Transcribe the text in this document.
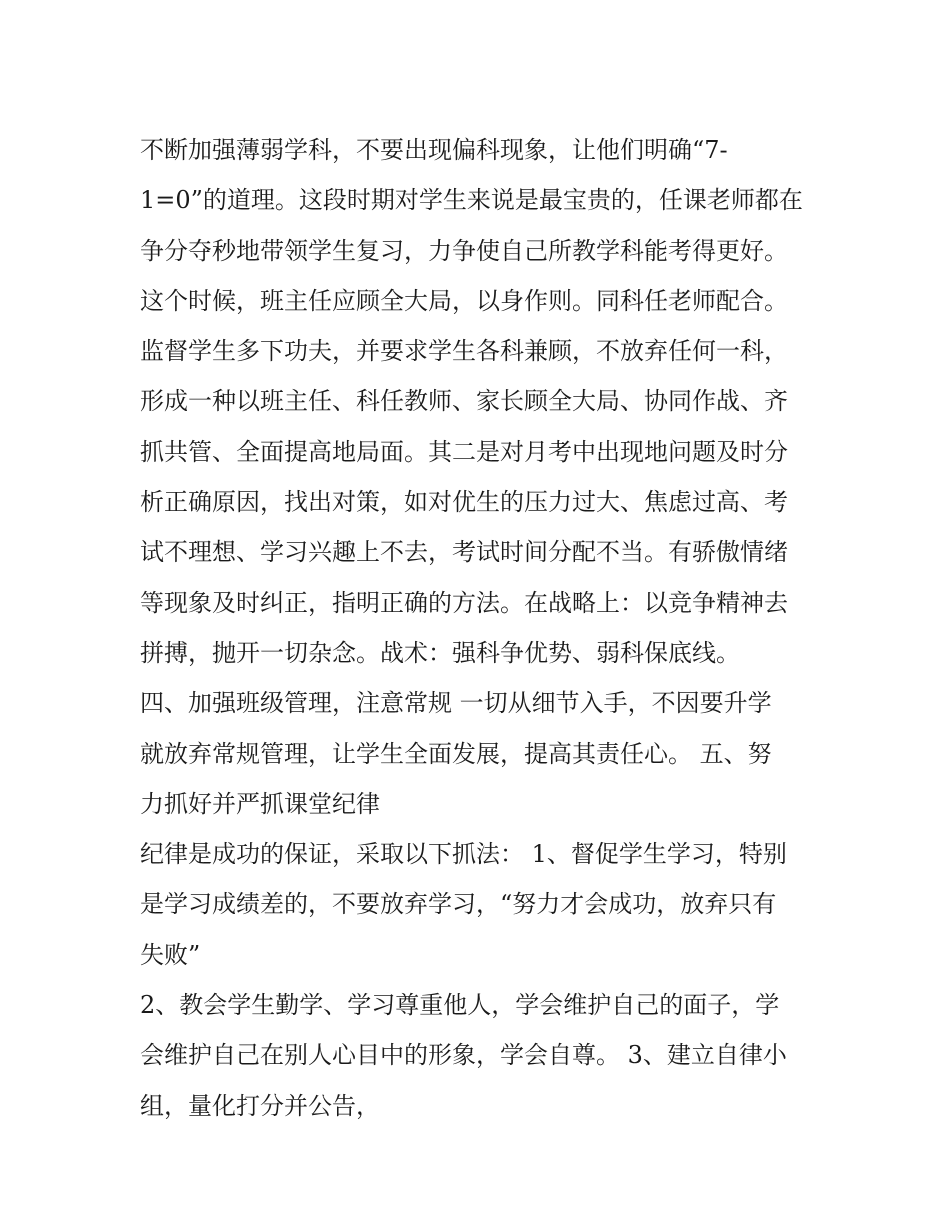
不断加强薄弱学科，不要出现偏科现象，让他们明确“7-
1=0”的道理。这段时期对学生来说是最宝贵的，任课老师都在
争分夺秒地带领学生复习，力争使自己所教学科能考得更好。
这个时候，班主任应顾全大局，以身作则。同科任老师配合。
监督学生多下功夫，并要求学生各科兼顾，不放弃任何一科，
形成一种以班主任、科任教师、家长顾全大局、协同作战、齐
抓共管、全面提高地局面。其二是对月考中出现地问题及时分
析正确原因，找出对策，如对优生的压力过大、焦虑过高、考
试不理想、学习兴趣上不去，考试时间分配不当。有骄傲情绪
等现象及时纠正，指明正确的方法。在战略上：以竞争精神去
拼搏，抛开一切杂念。战术：强科争优势、弱科保底线。
四、加强班级管理，注意常规 一切从细节入手，不因要升学
就放弃常规管理，让学生全面发展，提高其责任心。 五、努
力抓好并严抓课堂纪律
纪律是成功的保证，采取以下抓法： 1、督促学生学习，特别
是学习成绩差的，不要放弃学习，“努力才会成功，放弃只有
失败”
2、教会学生勤学、学习尊重他人，学会维护自己的面子，学
会维护自己在别人心目中的形象，学会自尊。 3、建立自律小
组，量化打分并公告，
